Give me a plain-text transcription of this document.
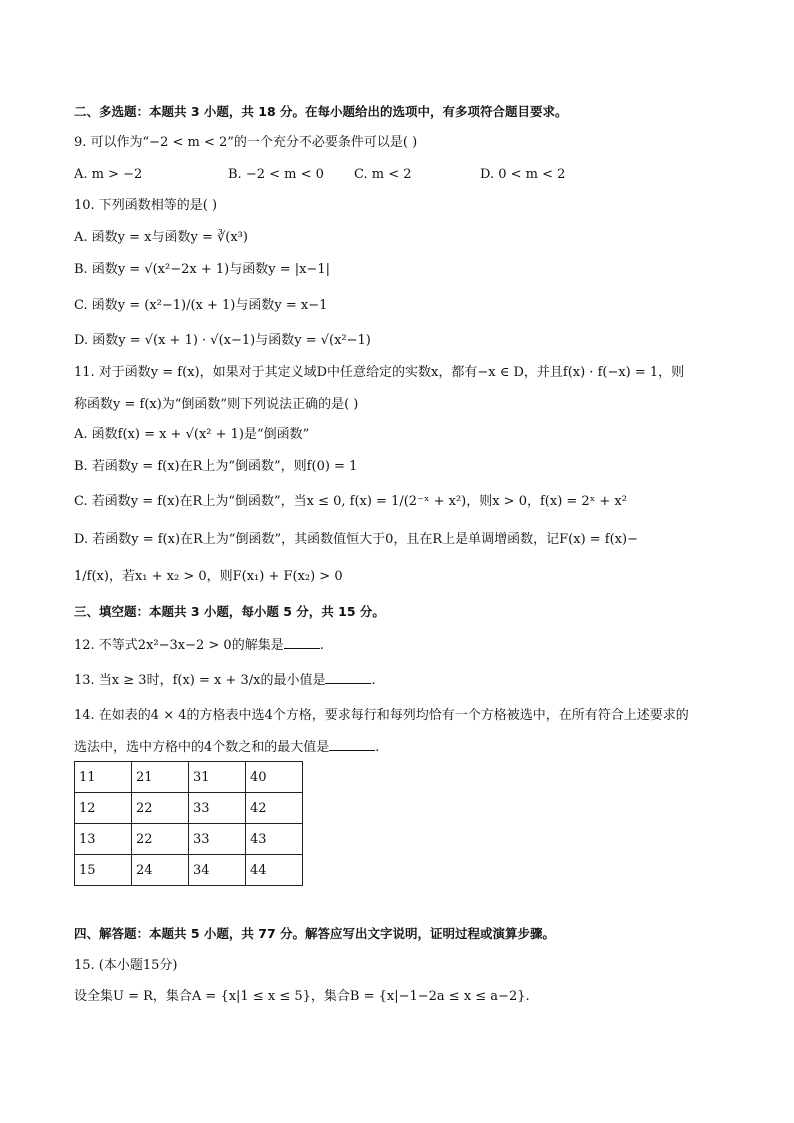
二、多选题：本题共 3 小题，共 18 分。在每小题给出的选项中，有多项符合题目要求。
9. 可以作为“−2 < m < 2”的一个充分不必要条件可以是( )
A. m > −2	B. −2 < m < 0 C. m < 2	D. 0 < m < 2
10. 下列函数相等的是( )
A. 函数y = x与函数y = ∛(x³)
B. 函数y = √(x²−2x + 1)与函数y = |x−1|
C. 函数y = (x²−1)/(x + 1)与函数y = x−1
D. 函数y = √(x + 1) · √(x−1)与函数y = √(x²−1)
11. 对于函数y = f(x)，如果对于其定义域D中任意给定的实数x，都有−x ∈ D，并且f(x) · f(−x) = 1，则
称函数y = f(x)为“倒函数”则下列说法正确的是( )
A. 函数f(x) = x + √(x² + 1)是“倒函数”
B. 若函数y = f(x)在R上为“倒函数”，则f(0) = 1
C. 若函数y = f(x)在R上为“倒函数”，当x ≤ 0, f(x) = 1/(2⁻ˣ + x²)，则x > 0，f(x) = 2ˣ + x²
D. 若函数y = f(x)在R上为“倒函数”，其函数值恒大于0，且在R上是单调增函数，记F(x) = f(x)−
1/f(x)，若x₁ + x₂ > 0，则F(x₁) + F(x₂) > 0
三、填空题：本题共 3 小题，每小题 5 分，共 15 分。
12. 不等式2x²−3x−2 > 0的解集是	.
13. 当x ≥ 3时，f(x) = x + 3/x的最小值是	.
14. 在如表的4 × 4的方格表中选4个方格，要求每行和每列均恰有一个方格被选中，在所有符合上述要求的
选法中，选中方格中的4个数之和的最大值是	.
11	21	31	40
12	22	33	42
13	22	33	43
15	24	34	44
四、解答题：本题共 5 小题，共 77 分。解答应写出文字说明，证明过程或演算步骤。
15. (本小题15分)
设全集U = R，集合A = {x|1 ≤ x ≤ 5}，集合B = {x|−1−2a ≤ x ≤ a−2}.
